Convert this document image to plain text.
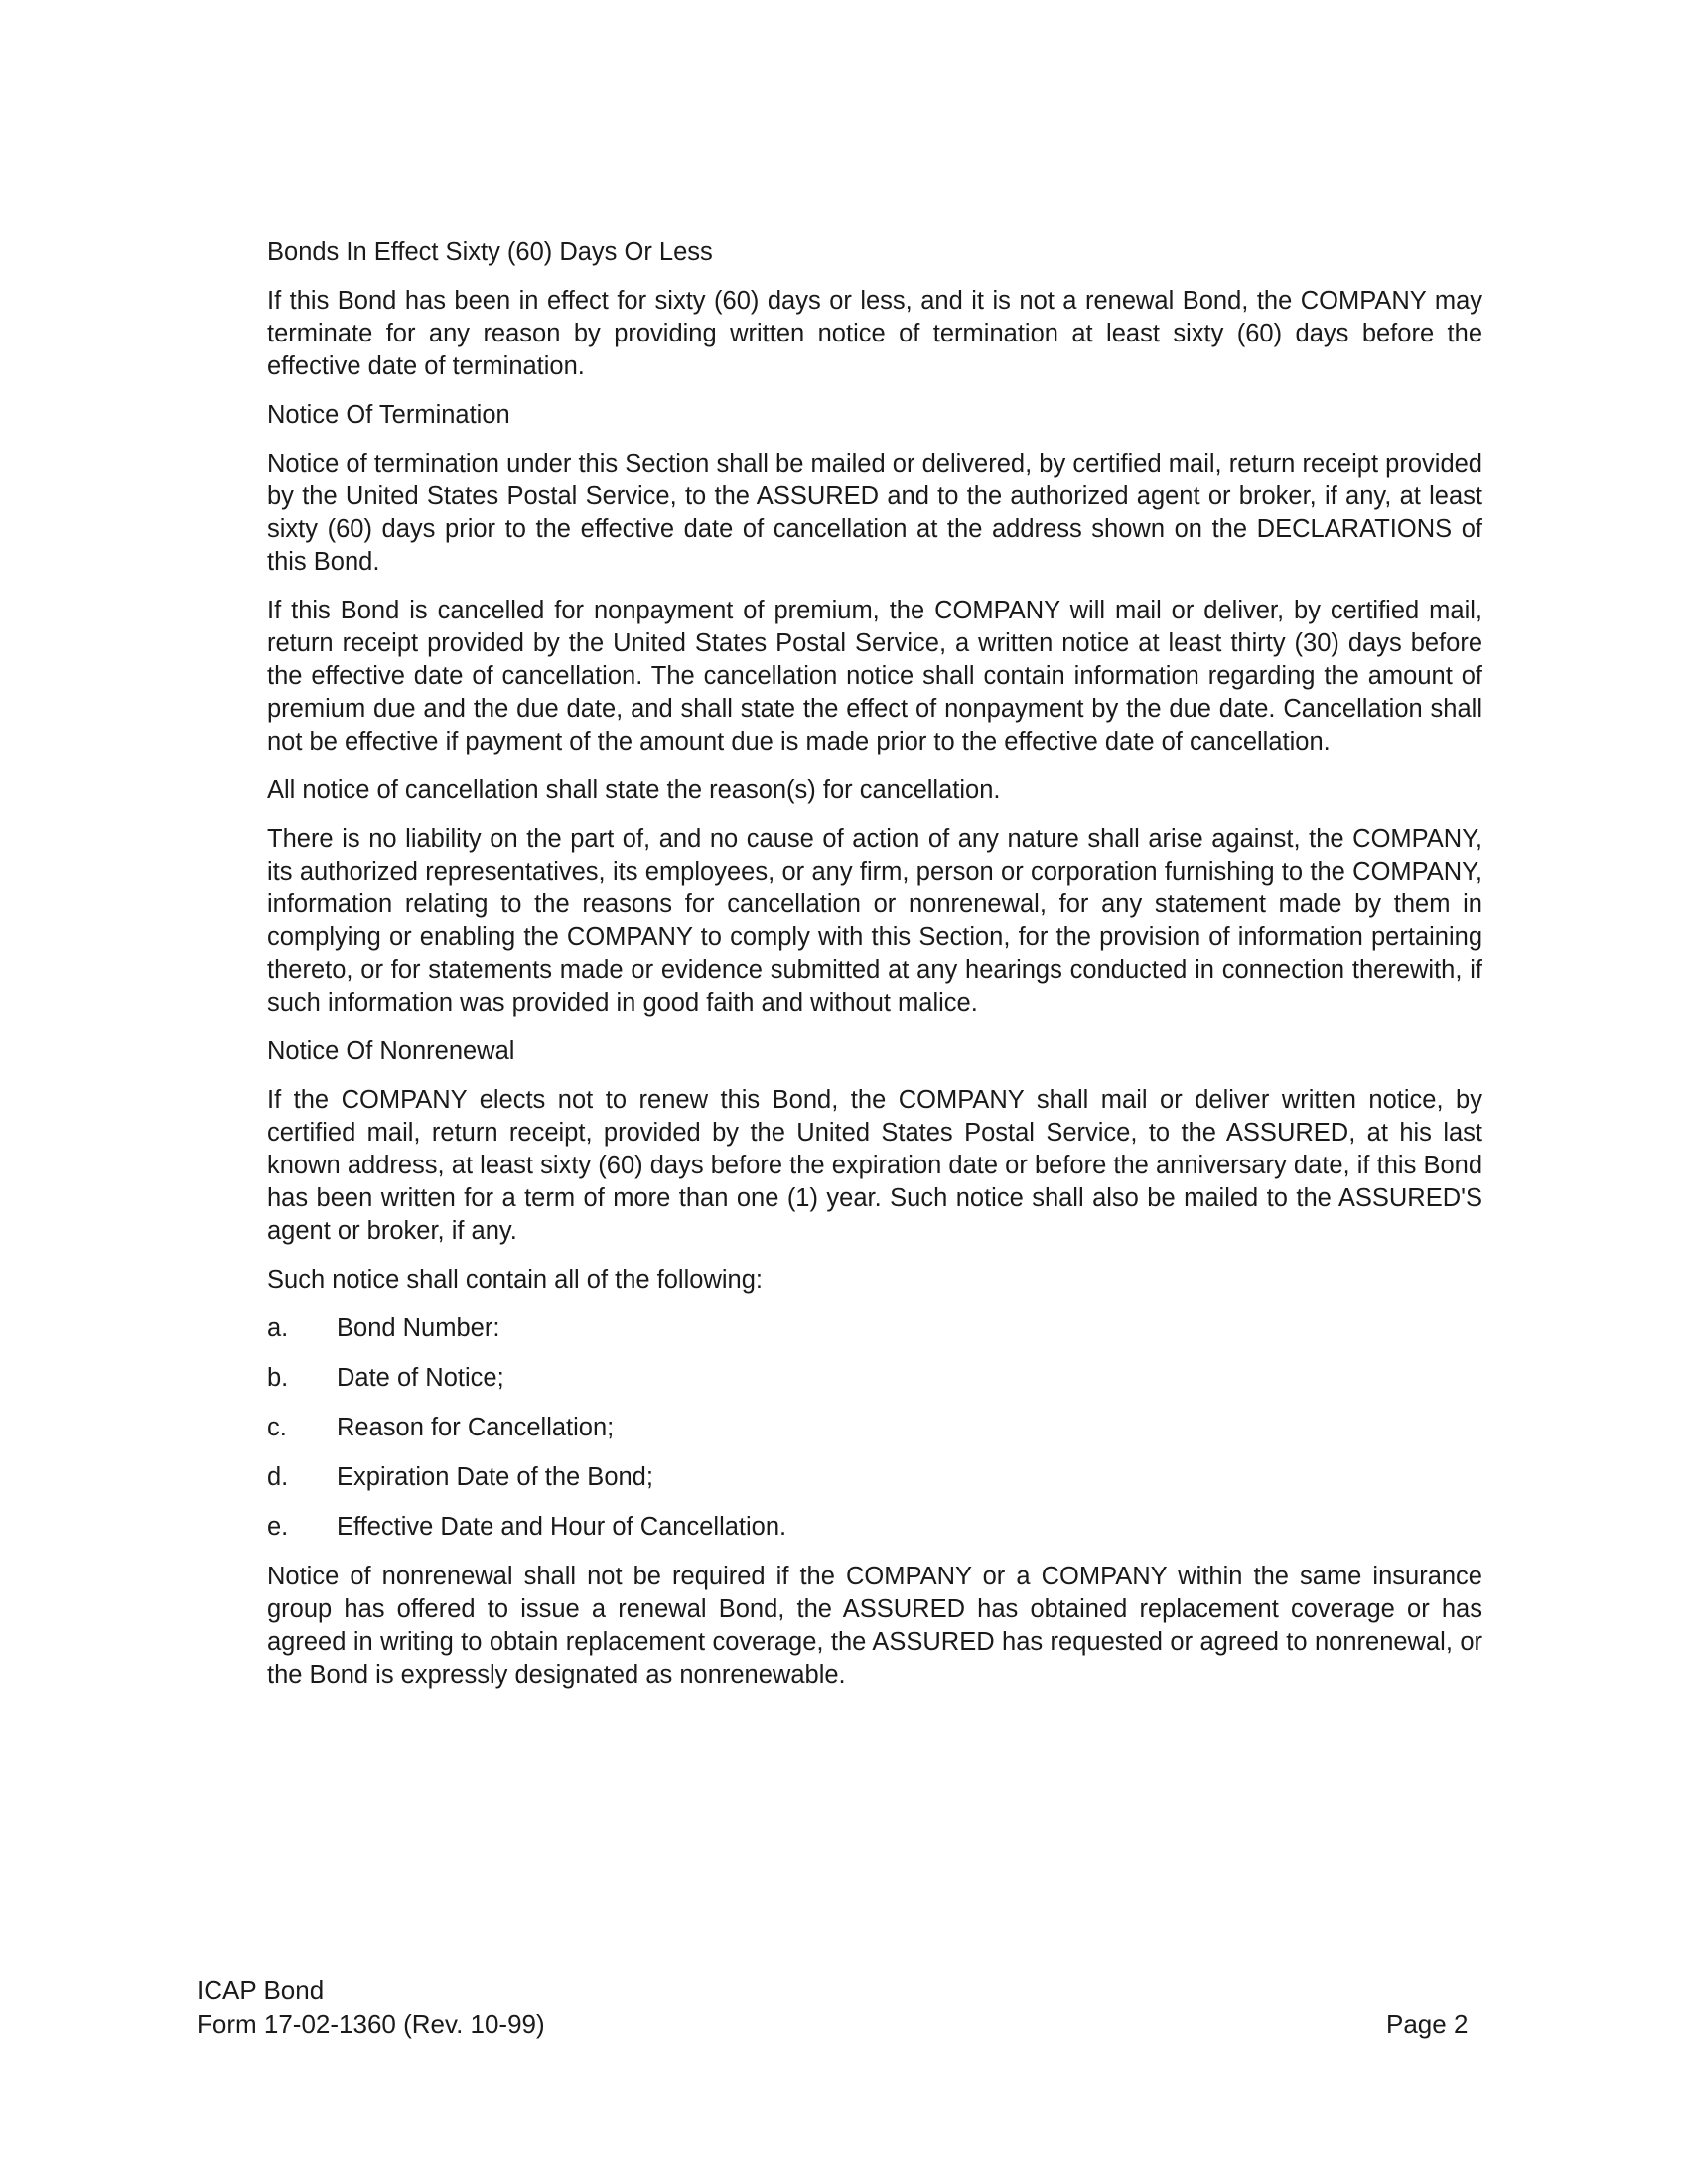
Bonds In Effect Sixty (60) Days Or Less

If this Bond has been in effect for sixty (60) days or less, and it is not a renewal Bond, the COMPANY may terminate for any reason by providing written notice of termination at least sixty (60) days before the effective date of termination.

Notice Of Termination

Notice of termination under this Section shall be mailed or delivered, by certified mail, return receipt provided by the United States Postal Service, to the ASSURED and to the authorized agent or broker, if any, at least sixty (60) days prior to the effective date of cancellation at the address shown on the DECLARATIONS of this Bond.

If this Bond is cancelled for nonpayment of premium, the COMPANY will mail or deliver, by certified mail, return receipt provided by the United States Postal Service, a written notice at least thirty (30) days before the effective date of cancellation. The cancellation notice shall contain information regarding the amount of premium due and the due date, and shall state the effect of nonpayment by the due date. Cancellation shall not be effective if payment of the amount due is made prior to the effective date of cancellation.

All notice of cancellation shall state the reason(s) for cancellation.

There is no liability on the part of, and no cause of action of any nature shall arise against, the COMPANY, its authorized representatives, its employees, or any firm, person or corporation furnishing to the COMPANY, information relating to the reasons for cancellation or nonrenewal, for any statement made by them in complying or enabling the COMPANY to comply with this Section, for the provision of information pertaining thereto, or for statements made or evidence submitted at any hearings conducted in connection therewith, if such information was provided in good faith and without malice.

Notice Of Nonrenewal

If the COMPANY elects not to renew this Bond, the COMPANY shall mail or deliver written notice, by certified mail, return receipt, provided by the United States Postal Service, to the ASSURED, at his last known address, at least sixty (60) days before the expiration date or before the anniversary date, if this Bond has been written for a term of more than one (1) year. Such notice shall also be mailed to the ASSURED'S agent or broker, if any.

Such notice shall contain all of the following:

a.	Bond Number:
b.	Date of Notice;
c.	Reason for Cancellation;
d.	Expiration Date of the Bond;
e.	Effective Date and Hour of Cancellation.

Notice of nonrenewal shall not be required if the COMPANY or a COMPANY within the same insurance group has offered to issue a renewal Bond, the ASSURED has obtained replacement coverage or has agreed in writing to obtain replacement coverage, the ASSURED has requested or agreed to nonrenewal, or the Bond is expressly designated as nonrenewable.

ICAP Bond
Form 17-02-1360 (Rev. 10-99)	Page 2
